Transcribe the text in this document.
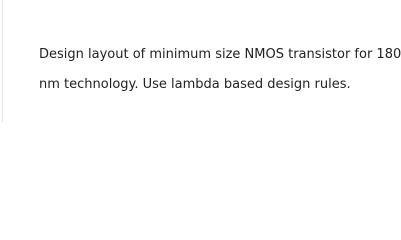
Design layout of minimum size NMOS transistor for 180
nm technology. Use lambda based design rules.
